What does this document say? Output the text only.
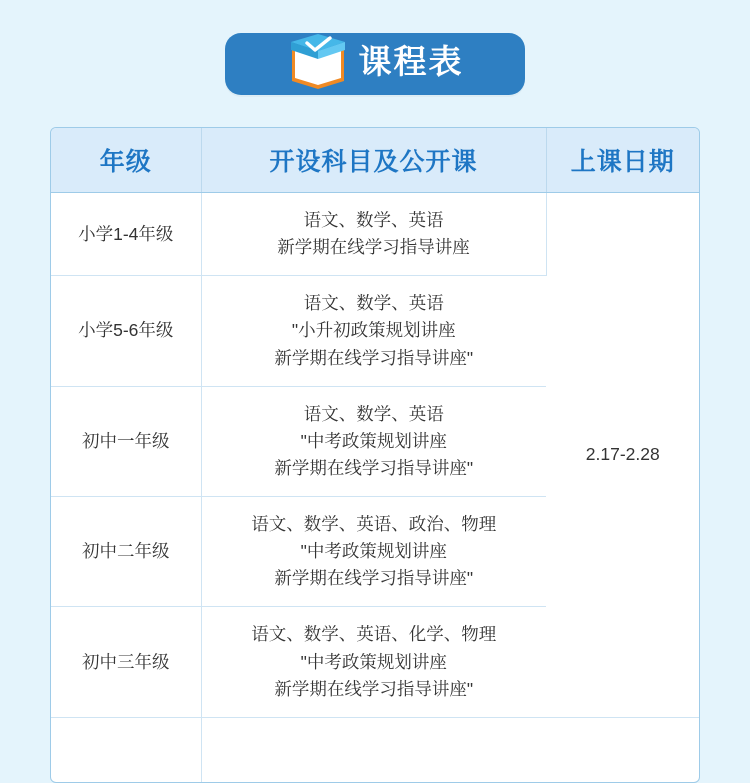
课程表
年级	开设科目及公开课	上课日期
小学1-4年级	语文、数学、英语
新学期在线学习指导讲座	2.17-2.28
小学5-6年级	语文、数学、英语
"小升初政策规划讲座
新学期在线学习指导讲座"	

初中一年级	语文、数学、英语
"中考政策规划讲座
新学期在线学习指导讲座"	

初中二年级	语文、数学、英语、政治、物理
"中考政策规划讲座
新学期在线学习指导讲座"	

初中三年级	语文、数学、英语、化学、物理
"中考政策规划讲座
新学期在线学习指导讲座"	
